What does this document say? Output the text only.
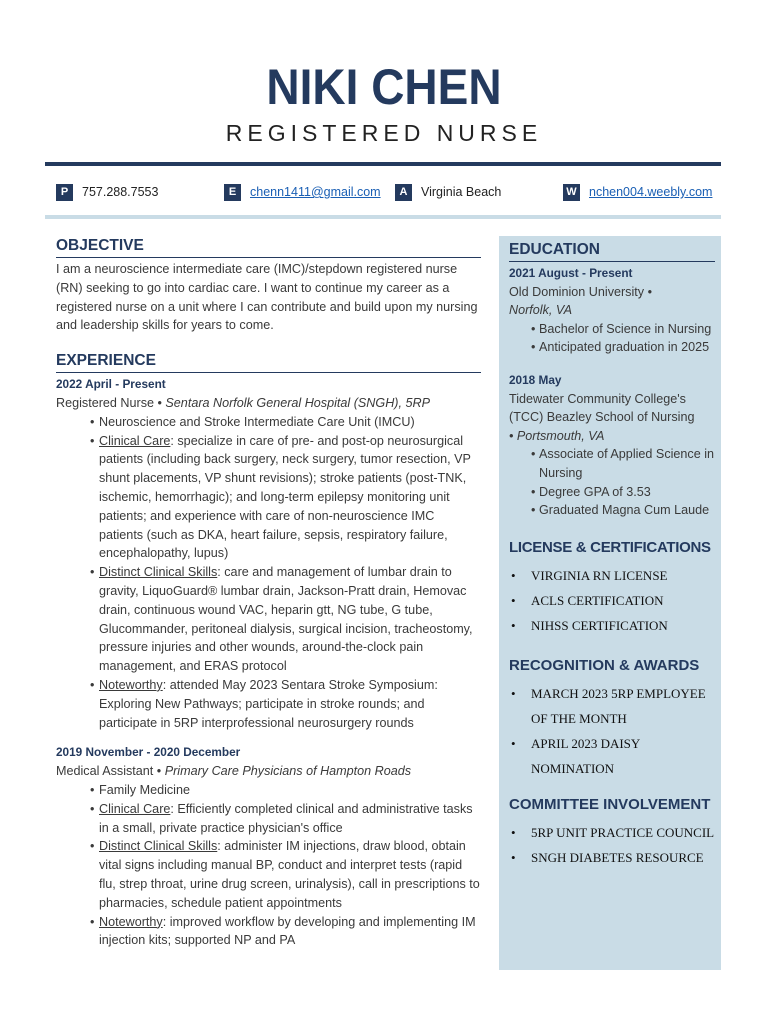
NIKI CHEN
REGISTERED NURSE
P	757.288.7553	E	chenn1411@gmail.com	A	Virginia Beach	W nchen004.weebly.com
OBJECTIVE

I am a neuroscience intermediate care (IMC)/stepdown registered nurse (RN) seeking to go into cardiac care. I want to continue my career as a registered nurse on a unit where I can contribute and build upon my nursing and leadership skills for years to come.

EXPERIENCE
2022 April - Present
Registered Nurse • Sentara Norfolk General Hospital (SNGH), 5RP
• Neuroscience and Stroke Intermediate Care Unit (IMCU)
• Clinical Care: specialize in care of pre- and post-op neurosurgical patients (including back surgery, neck surgery, tumor resection, VP shunt placements, VP shunt revisions); stroke patients (post-TNK, ischemic, hemorrhagic); and long-term epilepsy monitoring unit patients; and experience with care of non-neuroscience IMC patients (such as DKA, heart failure, sepsis, respiratory failure, encephalopathy, lupus)
• Distinct Clinical Skills: care and management of lumbar drain to gravity, LiquoGuard® lumbar drain, Jackson-Pratt drain, Hemovac drain, continuous wound VAC, heparin gtt, NG tube, G tube, Glucommander, peritoneal dialysis, surgical incision, tracheostomy, pressure injuries and other wounds, around-the-clock pain management, and ERAS protocol
• Noteworthy: attended May 2023 Sentara Stroke Symposium: Exploring New Pathways; participate in stroke rounds; and participate in 5RP interprofessional neurosurgery rounds
2019 November - 2020 December
Medical Assistant • Primary Care Physicians of Hampton Roads
• Family Medicine
• Clinical Care: Efficiently completed clinical and administrative tasks in a small, private practice physician's office
• Distinct Clinical Skills: administer IM injections, draw blood, obtain vital signs including manual BP, conduct and interpret tests (rapid flu, strep throat, urine drug screen, urinalysis), call in prescriptions to pharmacies, schedule patient appointments
• Noteworthy: improved workflow by developing and implementing IM injection kits; supported NP and PA
EDUCATION
2021 August - Present
Old Dominion University •
Norfolk, VA
• Bachelor of Science in Nursing
• Anticipated graduation in 2025
2018 May
Tidewater Community College's (TCC) Beazley School of Nursing
• Portsmouth, VA
• Associate of Applied Science in Nursing
• Degree GPA of 3.53
• Graduated Magna Cum Laude
LICENSE & CERTIFICATIONS
• VIRGINIA RN LICENSE
• ACLS CERTIFICATION
• NIHSS CERTIFICATION
RECOGNITION & AWARDS
• MARCH 2023 5RP EMPLOYEE OF THE MONTH
• APRIL 2023 DAISY NOMINATION
COMMITTEE INVOLVEMENT
• 5RP UNIT PRACTICE COUNCIL
• SNGH DIABETES RESOURCE
